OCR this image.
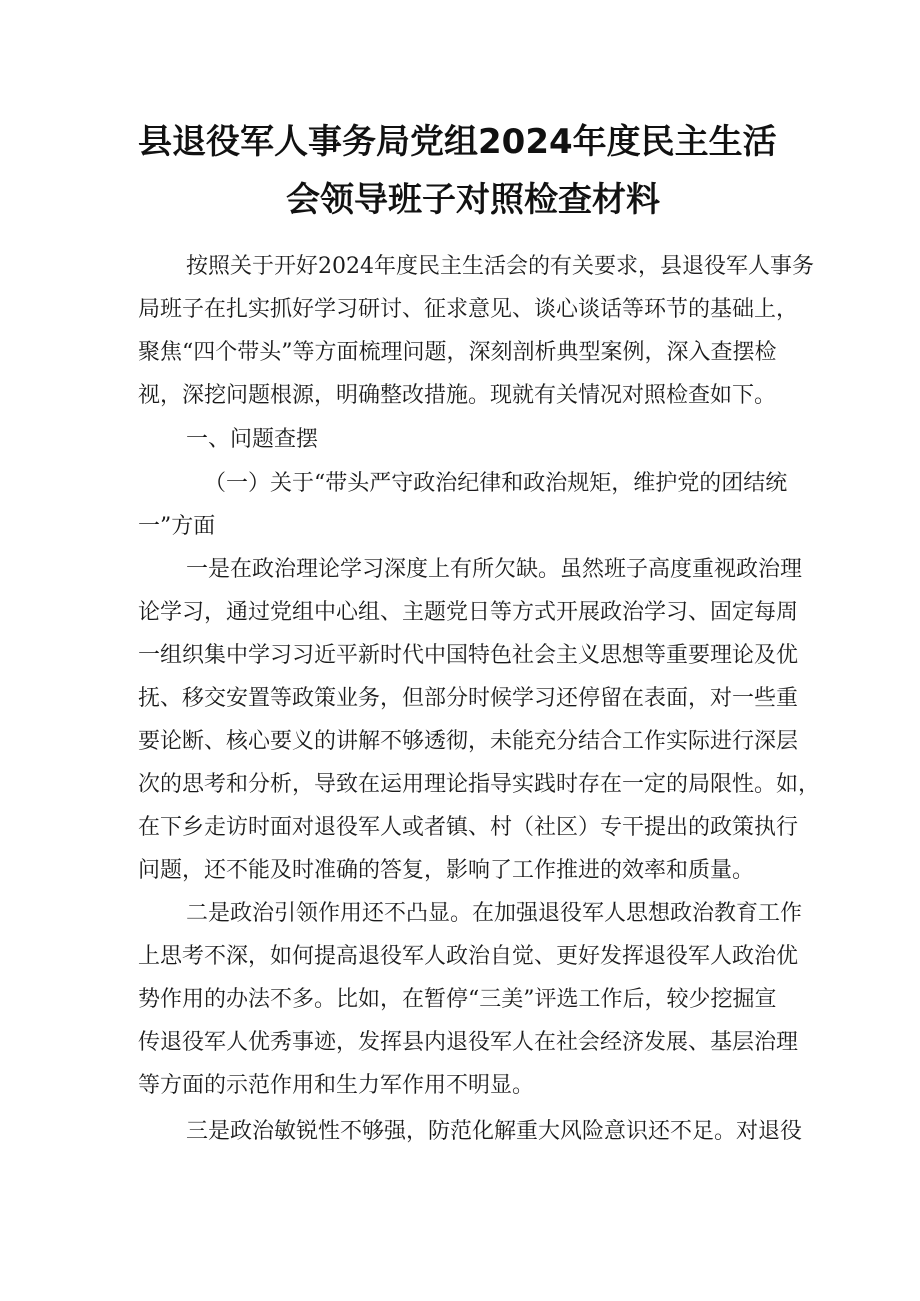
县退役军人事务局党组2024年度民主生活
会领导班子对照检查材料
按照关于开好2024年度民主生活会的有关要求，县退役军人事务
局班子在扎实抓好学习研讨、征求意见、谈心谈话等环节的基础上，
聚焦“四个带头”等方面梳理问题，深刻剖析典型案例，深入查摆检
视，深挖问题根源，明确整改措施。现就有关情况对照检查如下。
一、问题查摆
（一）关于“带头严守政治纪律和政治规矩，维护党的团结统
一”方面
一是在政治理论学习深度上有所欠缺。虽然班子高度重视政治理
论学习，通过党组中心组、主题党日等方式开展政治学习、固定每周
一组织集中学习习近平新时代中国特色社会主义思想等重要理论及优
抚、移交安置等政策业务，但部分时候学习还停留在表面，对一些重
要论断、核心要义的讲解不够透彻，未能充分结合工作实际进行深层
次的思考和分析，导致在运用理论指导实践时存在一定的局限性。如，
在下乡走访时面对退役军人或者镇、村（社区）专干提出的政策执行
问题，还不能及时准确的答复，影响了工作推进的效率和质量。
二是政治引领作用还不凸显。在加强退役军人思想政治教育工作
上思考不深，如何提高退役军人政治自觉、更好发挥退役军人政治优
势作用的办法不多。比如，在暂停“三美”评选工作后，较少挖掘宣
传退役军人优秀事迹，发挥县内退役军人在社会经济发展、基层治理
等方面的示范作用和生力军作用不明显。
三是政治敏锐性不够强，防范化解重大风险意识还不足。对退役
